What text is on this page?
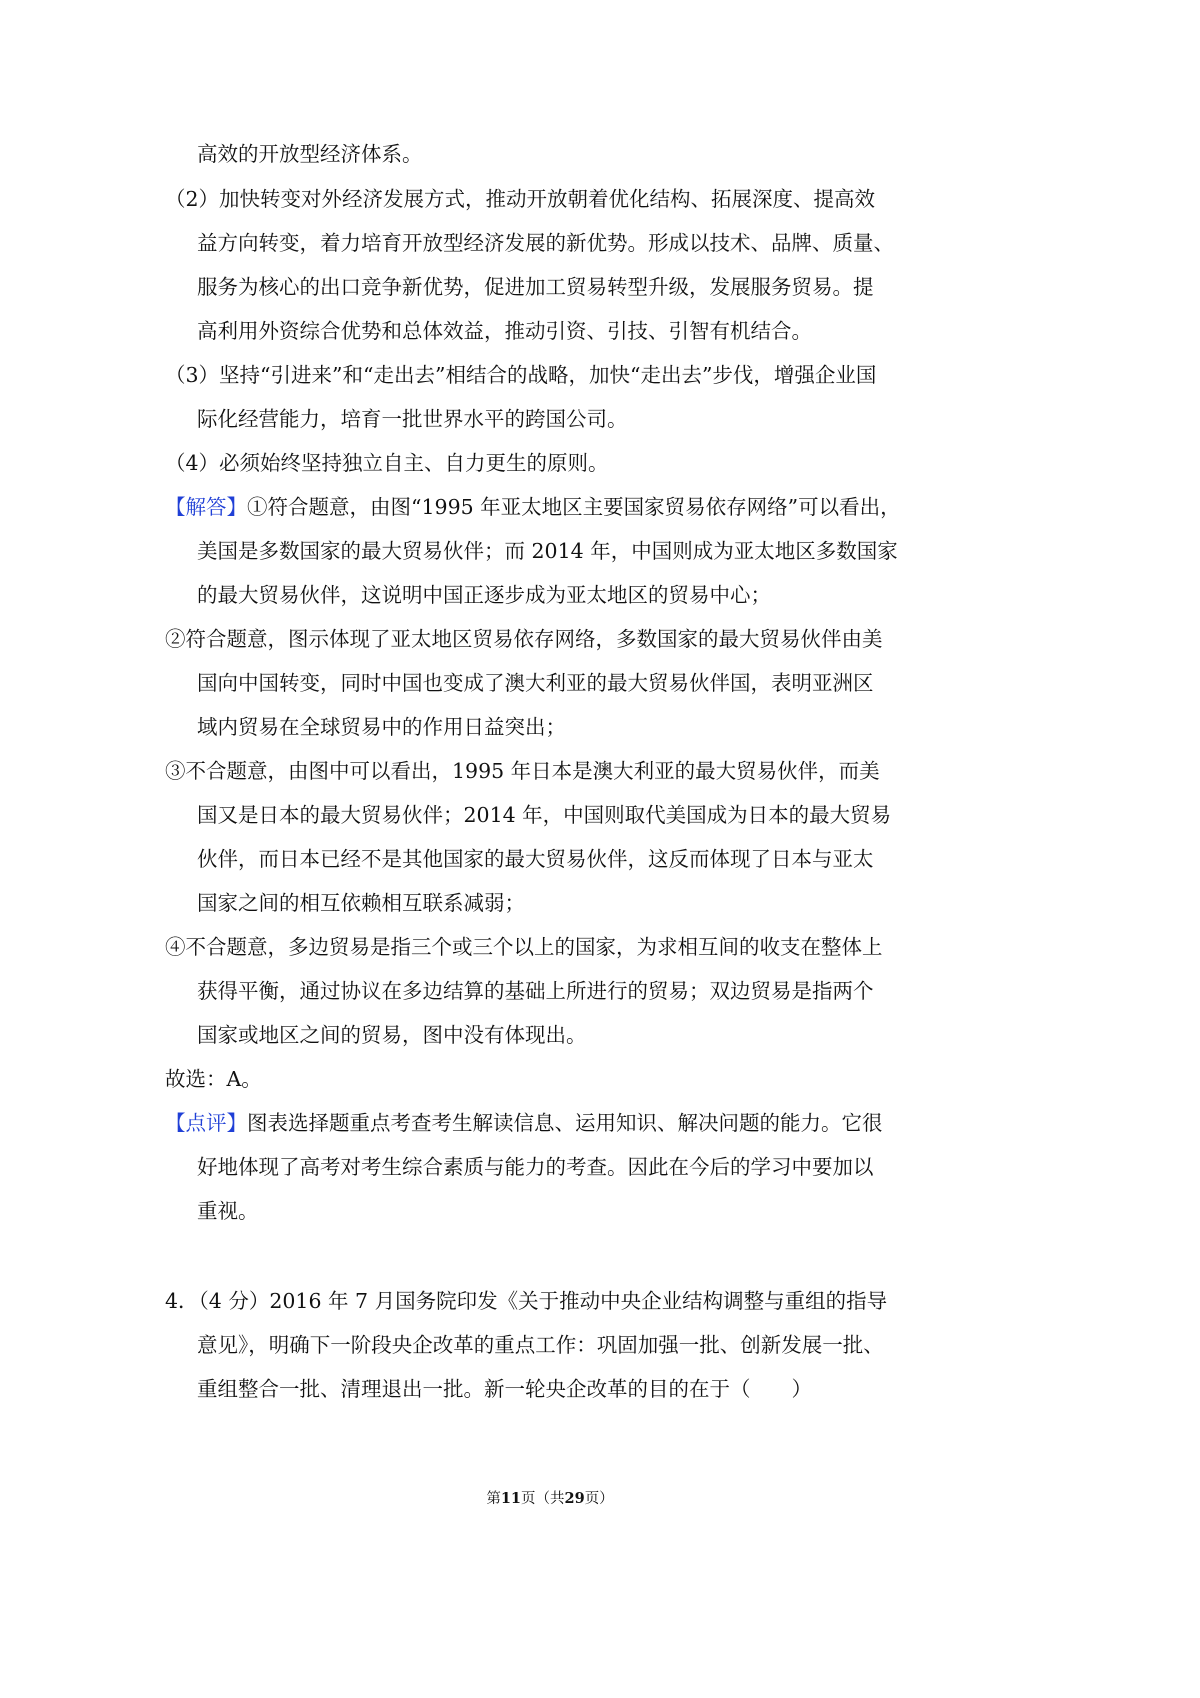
高效的开放型经济体系。
（2）加快转变对外经济发展方式，推动开放朝着优化结构、拓展深度、提高效
益方向转变，着力培育开放型经济发展的新优势。形成以技术、品牌、质量、
服务为核心的出口竞争新优势，促进加工贸易转型升级，发展服务贸易。提
高利用外资综合优势和总体效益，推动引资、引技、引智有机结合。
（3）坚持“引进来”和“走出去”相结合的战略，加快“走出去”步伐，增强企业国
际化经营能力，培育一批世界水平的跨国公司。
（4）必须始终坚持独立自主、自力更生的原则。
【解答】①符合题意，由图“1995 年亚太地区主要国家贸易依存网络”可以看出，
美国是多数国家的最大贸易伙伴；而 2014 年，中国则成为亚太地区多数国家
的最大贸易伙伴，这说明中国正逐步成为亚太地区的贸易中心；
②符合题意，图示体现了亚太地区贸易依存网络，多数国家的最大贸易伙伴由美
国向中国转变，同时中国也变成了澳大利亚的最大贸易伙伴国，表明亚洲区
域内贸易在全球贸易中的作用日益突出；
③不合题意，由图中可以看出，1995 年日本是澳大利亚的最大贸易伙伴，而美
国又是日本的最大贸易伙伴；2014 年，中国则取代美国成为日本的最大贸易
伙伴，而日本已经不是其他国家的最大贸易伙伴，这反而体现了日本与亚太
国家之间的相互依赖相互联系减弱；
④不合题意，多边贸易是指三个或三个以上的国家，为求相互间的收支在整体上
获得平衡，通过协议在多边结算的基础上所进行的贸易；双边贸易是指两个
国家或地区之间的贸易，图中没有体现出。
故选：A。
【点评】图表选择题重点考查考生解读信息、运用知识、解决问题的能力。它很
好地体现了高考对考生综合素质与能力的考查。因此在今后的学习中要加以
重视。
4．（4 分）2016 年 7 月国务院印发《关于推动中央企业结构调整与重组的指导
意见》，明确下一阶段央企改革的重点工作：巩固加强一批、创新发展一批、
重组整合一批、清理退出一批。新一轮央企改革的目的在于（　　）
第11页（共29页）
